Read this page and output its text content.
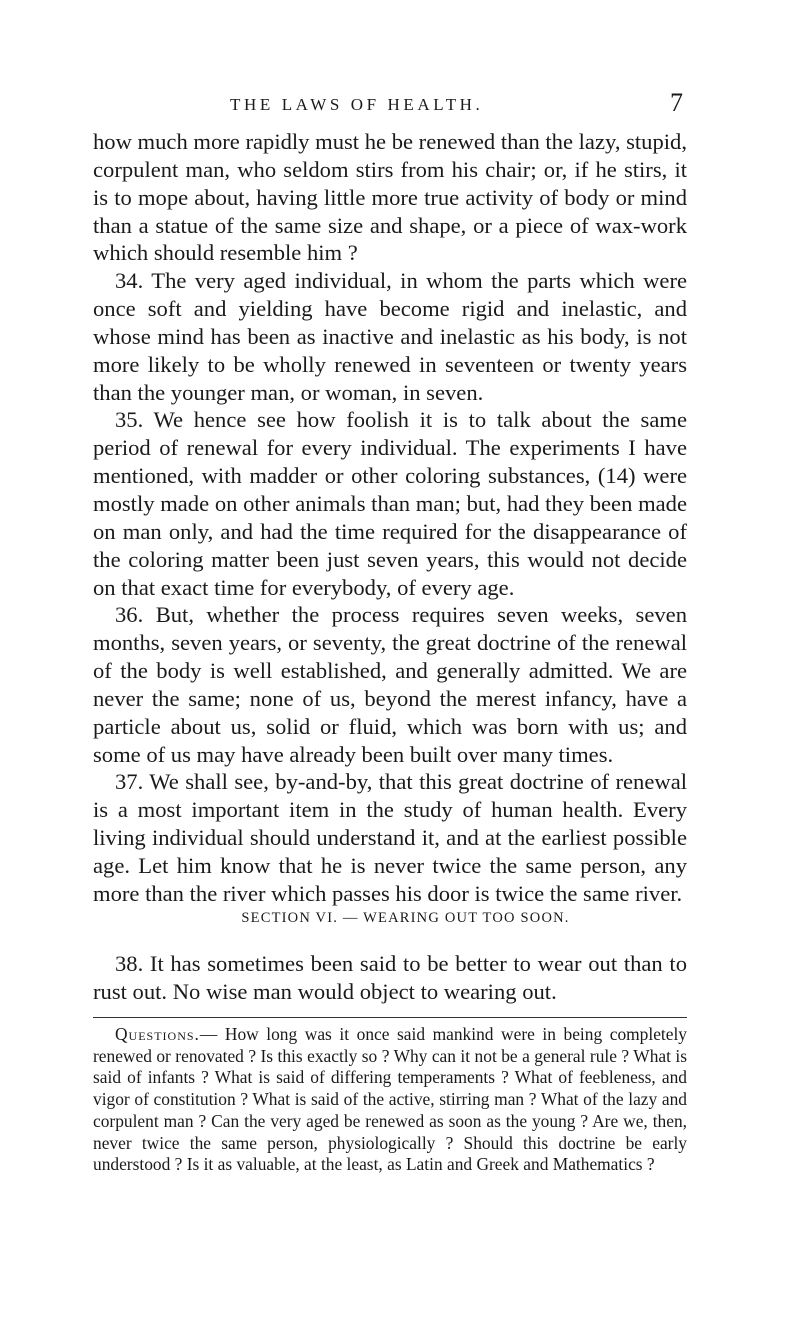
THE LAWS OF HEALTH.	7

how much more rapidly must he be renewed than the lazy, stupid, corpulent man, who seldom stirs from his chair; or, if he stirs, it is to mope about, having little more true activity of body or mind than a statue of the same size and shape, or a piece of wax-work which should resemble him ?

34. The very aged individual, in whom the parts which were once soft and yielding have become rigid and inelastic, and whose mind has been as inactive and inelastic as his body, is not more likely to be wholly renewed in seventeen or twenty years than the younger man, or woman, in seven.

35. We hence see how foolish it is to talk about the same period of renewal for every individual. The experiments I have mentioned, with madder or other coloring substances, (14) were mostly made on other animals than man; but, had they been made on man only, and had the time required for the disappearance of the coloring matter been just seven years, this would not decide on that exact time for everybody, of every age.

36. But, whether the process requires seven weeks, seven months, seven years, or seventy, the great doctrine of the renewal of the body is well established, and generally admitted. We are never the same; none of us, beyond the merest infancy, have a particle about us, solid or fluid, which was born with us; and some of us may have already been built over many times.

37. We shall see, by-and-by, that this great doctrine of renewal is a most important item in the study of human health. Every living individual should understand it, and at the earliest possible age. Let him know that he is never twice the same person, any more than the river which passes his door is twice the same river.

SECTION VI. — WEARING OUT TOO SOON.

38. It has sometimes been said to be better to wear out than to rust out. No wise man would object to wearing out.

Questions.— How long was it once said mankind were in being completely renewed or renovated ? Is this exactly so ? Why can it not be a general rule ? What is said of infants ? What is said of differing temperaments ? What of feebleness, and vigor of constitution ? What is said of the active, stirring man ? What of the lazy and corpulent man ? Can the very aged be renewed as soon as the young ? Are we, then, never twice the same person, physiologically ? Should this doctrine be early understood ? Is it as valuable, at the least, as Latin and Greek and Mathematics ?
